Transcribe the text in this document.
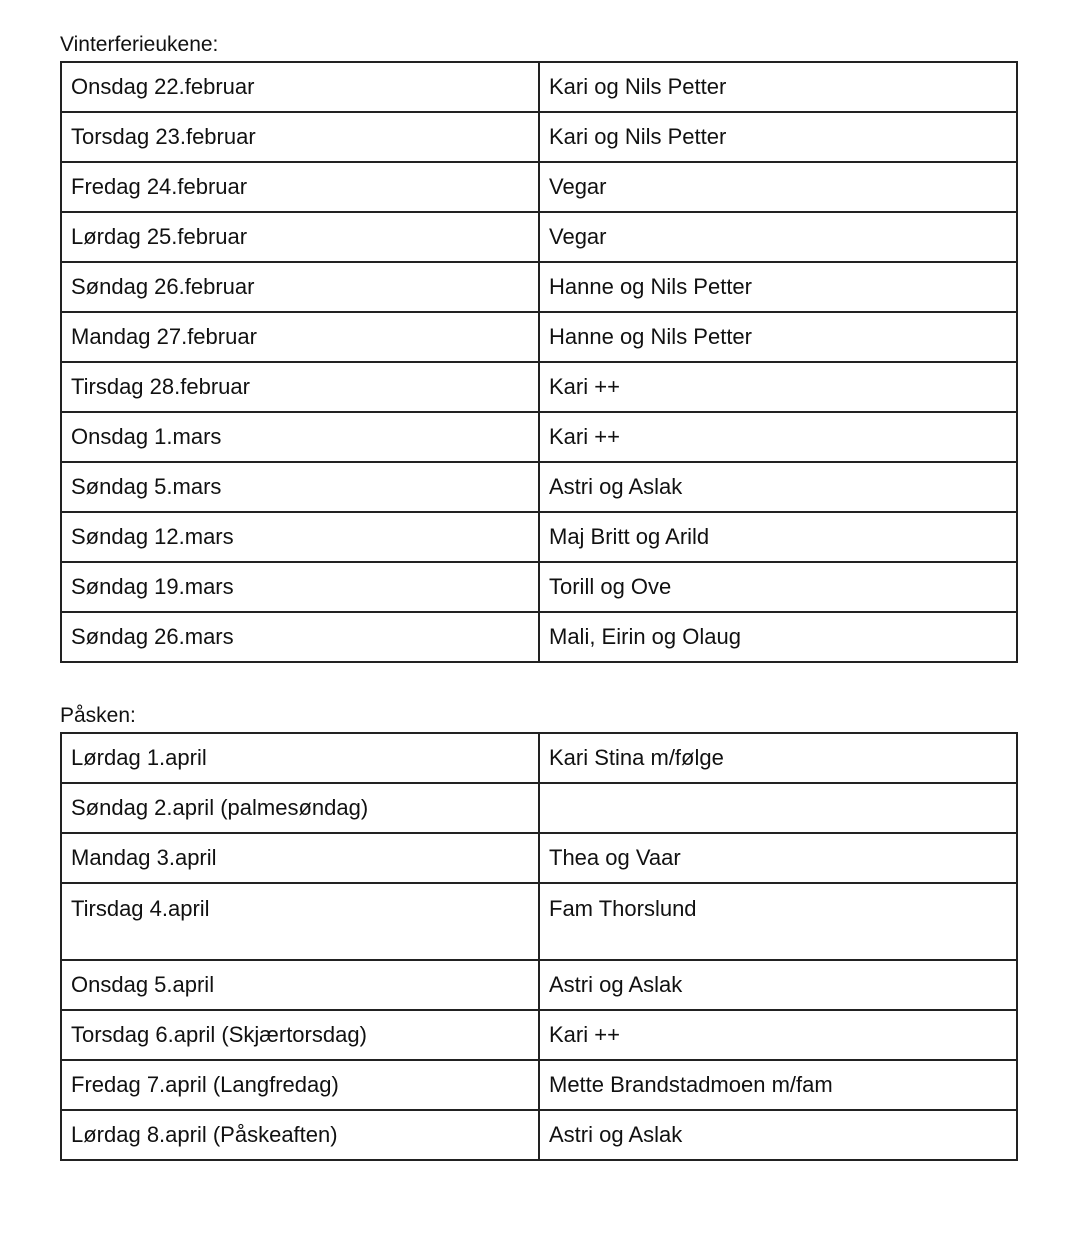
Vinterferieukene:
Onsdag 22.februar	Kari og Nils Petter
Torsdag 23.februar	Kari og Nils Petter
Fredag 24.februar	Vegar
Lørdag 25.februar	Vegar
Søndag 26.februar	Hanne og Nils Petter
Mandag 27.februar	Hanne og Nils Petter
Tirsdag 28.februar	Kari ++
Onsdag 1.mars	Kari ++
Søndag 5.mars	Astri og Aslak
Søndag 12.mars	Maj Britt og Arild
Søndag 19.mars	Torill og Ove
Søndag 26.mars	Mali, Eirin og Olaug
Påsken:
Lørdag 1.april	Kari Stina m/følge
Søndag 2.april (palmesøndag)	
Mandag 3.april	Thea og Vaar
Tirsdag 4.april	Fam Thorslund
Onsdag 5.april	Astri og Aslak
Torsdag 6.april (Skjærtorsdag)	Kari ++
Fredag 7.april (Langfredag)	Mette Brandstadmoen m/fam
Lørdag 8.april (Påskeaften)	Astri og Aslak
